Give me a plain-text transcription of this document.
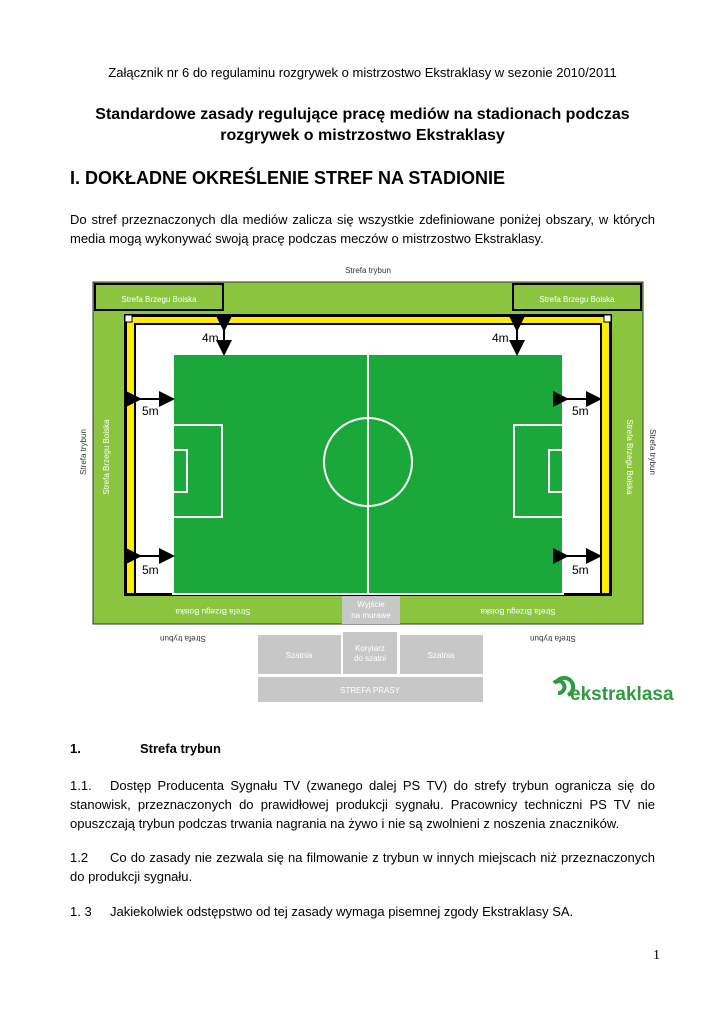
Załącznik nr 6 do regulaminu rozgrywek o mistrzostwo Ekstraklasy w sezonie 2010/2011
Standardowe zasady regulujące pracę mediów na stadionach podczas
rozgrywek o mistrzostwo Ekstraklasy
I. DOKŁADNE OKREŚLENIE STREF NA STADIONIE
Do stref przeznaczonych dla mediów zalicza się wszystkie zdefiniowane poniżej obszary, w których media mogą wykonywać swoją pracę podczas meczów o mistrzostwo Ekstraklasy.
Strefa trybun
Strefa trybun	Strefa trybun
Strefa trybun	Strefa trybun
Strefa Brzegu Boiska	Strefa Brzegu Boiska
Strefa Brzegu Boiska	Strefa Brzegu Boiska
Strefa Brzegu Boiska	Strefa Brzegu Boiska
4m	4m
5m	5m
5m	5m
Wyjście
na murawe
Szatnia
Korytarz
do szatni	Szatnia
STREFA PRASY	ekstraklasa
1.	Strefa trybun
1.1. Dostęp Producenta Sygnału TV (zwanego dalej PS TV) do strefy trybun ogranicza się do stanowisk, przeznaczonych do prawidłowej produkcji sygnału. Pracownicy techniczni PS TV nie opuszczają trybun podczas trwania nagrania na żywo i nie są zwolnieni z noszenia znaczników.
1.2 Co do zasady nie zezwala się na filmowanie z trybun w innych miejscach niż przeznaczonych do produkcji sygnału.
1. 3 Jakiekolwiek odstępstwo od tej zasady wymaga pisemnej zgody Ekstraklasy SA.
1
